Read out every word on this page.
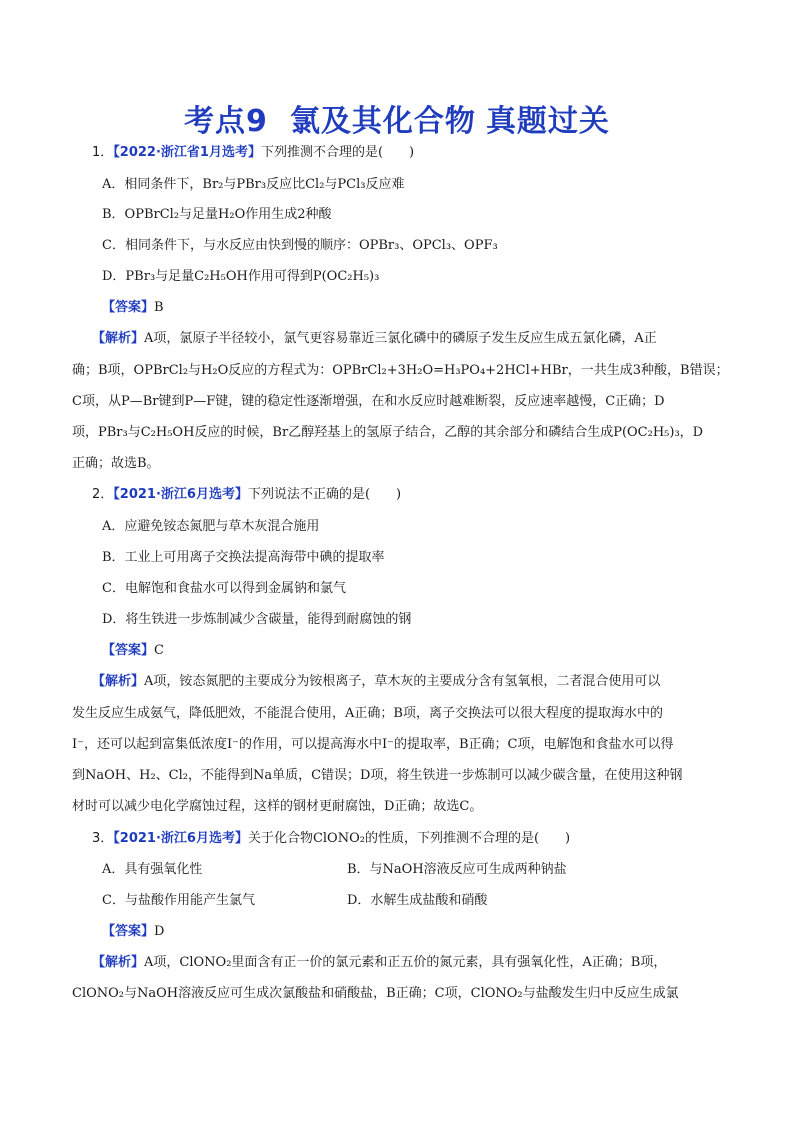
考点9 氯及其化合物 真题过关
1．【2022·浙江省1月选考】下列推测不合理的是(　　)
A．相同条件下，Br₂与PBr₃反应比Cl₂与PCl₃反应难
B．OPBrCl₂与足量H₂O作用生成2种酸
C．相同条件下，与水反应由快到慢的顺序：OPBr₃、OPCl₃、OPF₃
D．PBr₃与足量C₂H₅OH作用可得到P(OC₂H₅)₃
【答案】B
【解析】A项，氯原子半径较小，氯气更容易靠近三氯化磷中的磷原子发生反应生成五氯化磷，A正
确；B项，OPBrCl₂与H₂O反应的方程式为：OPBrCl₂+3H₂O=H₃PO₄+2HCl+HBr，一共生成3种酸，B错误；
C项，从P—Br键到P—F键，键的稳定性逐渐增强，在和水反应时越难断裂，反应速率越慢，C正确；D
项，PBr₃与C₂H₅OH反应的时候，Br乙醇羟基上的氢原子结合，乙醇的其余部分和磷结合生成P(OC₂H₅)₃，D
正确；故选B。
2．【2021·浙江6月选考】下列说法不正确的是(　　)
A．应避免铵态氮肥与草木灰混合施用
B．工业上可用离子交换法提高海带中碘的提取率
C．电解饱和食盐水可以得到金属钠和氯气
D．将生铁进一步炼制减少含碳量，能得到耐腐蚀的钢
【答案】C
【解析】A项，铵态氮肥的主要成分为铵根离子，草木灰的主要成分含有氢氧根，二者混合使用可以
发生反应生成氨气，降低肥效，不能混合使用，A正确；B项，离子交换法可以很大程度的提取海水中的
I⁻，还可以起到富集低浓度I⁻的作用，可以提高海水中I⁻的提取率，B正确；C项，电解饱和食盐水可以得
到NaOH、H₂、Cl₂，不能得到Na单质，C错误；D项，将生铁进一步炼制可以减少碳含量，在使用这种钢
材时可以减少电化学腐蚀过程，这样的钢材更耐腐蚀，D正确；故选C。
3．【2021·浙江6月选考】关于化合物ClONO₂的性质，下列推测不合理的是(　　)
A．具有强氧化性	B．与NaOH溶液反应可生成两种钠盐
C．与盐酸作用能产生氯气	D．水解生成盐酸和硝酸
【答案】D
【解析】A项，ClONO₂里面含有正一价的氯元素和正五价的氮元素，具有强氧化性，A正确；B项，
ClONO₂与NaOH溶液反应可生成次氯酸盐和硝酸盐，B正确；C项，ClONO₂与盐酸发生归中反应生成氯
